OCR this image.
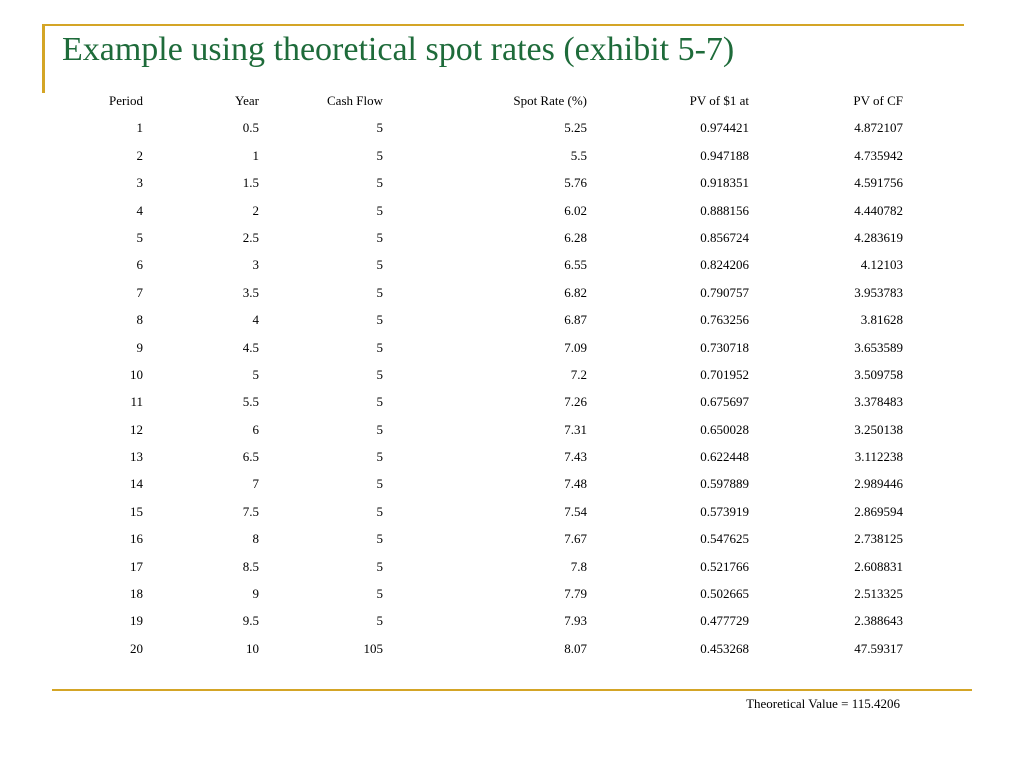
Example using theoretical spot rates (exhibit 5-7)
Period	Year	Cash Flow	Spot Rate (%)	PV of $1 at	PV of CF
1	0.5	5	5.25	0.974421	4.872107
2	1	5	5.5	0.947188	4.735942
3	1.5	5	5.76	0.918351	4.591756
4	2	5	6.02	0.888156	4.440782
5	2.5	5	6.28	0.856724	4.283619
6	3	5	6.55	0.824206	4.12103
7	3.5	5	6.82	0.790757	3.953783
8	4	5	6.87	0.763256	3.81628
9	4.5	5	7.09	0.730718	3.653589
10	5	5	7.2	0.701952	3.509758
11	5.5	5	7.26	0.675697	3.378483
12	6	5	7.31	0.650028	3.250138
13	6.5	5	7.43	0.622448	3.112238
14	7	5	7.48	0.597889	2.989446
15	7.5	5	7.54	0.573919	2.869594
16	8	5	7.67	0.547625	2.738125
17	8.5	5	7.8	0.521766	2.608831
18	9	5	7.79	0.502665	2.513325
19	9.5	5	7.93	0.477729	2.388643
20	10	105	8.07	0.453268	47.59317
Theoretical Value = 115.4206
